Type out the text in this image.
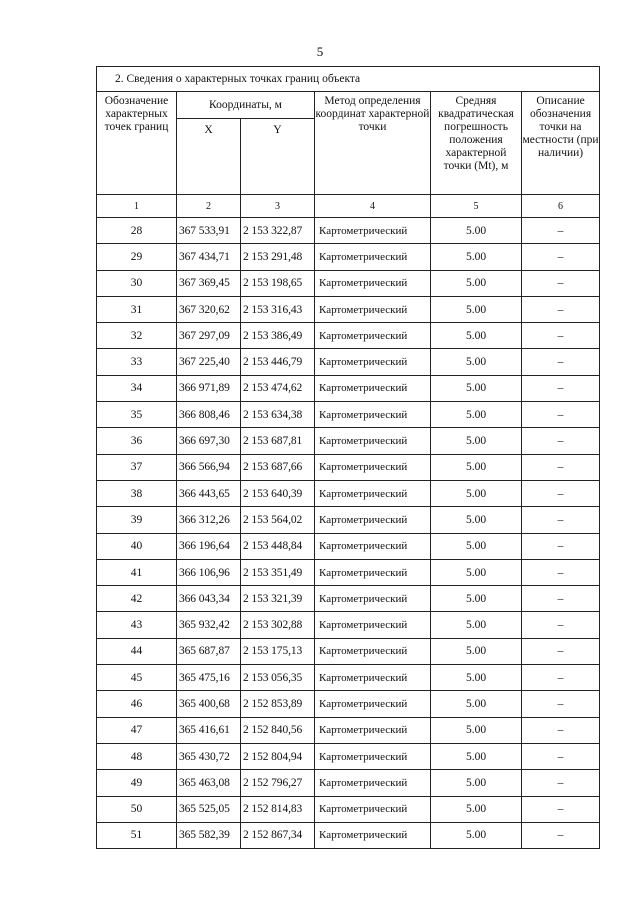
5
2. Сведения о характерных точках границ объекта					
Обозначение характерных точек границ	Координаты, м		Метод определения координат характерной точки	Средняя квадратическая погрешность положения характерной точки (Mt), м	Описание обозначения точки на местности (при наличии)
	X	Y			
1	2	3	4	5	6
28	367 533,91	2 153 322,87	Картометрический	5.00	–
29	367 434,71	2 153 291,48	Картометрический	5.00	–
30	367 369,45	2 153 198,65	Картометрический	5.00	–
31	367 320,62	2 153 316,43	Картометрический	5.00	–
32	367 297,09	2 153 386,49	Картометрический	5.00	–
33	367 225,40	2 153 446,79	Картометрический	5.00	–
34	366 971,89	2 153 474,62	Картометрический	5.00	–
35	366 808,46	2 153 634,38	Картометрический	5.00	–
36	366 697,30	2 153 687,81	Картометрический	5.00	–
37	366 566,94	2 153 687,66	Картометрический	5.00	–
38	366 443,65	2 153 640,39	Картометрический	5.00	–
39	366 312,26	2 153 564,02	Картометрический	5.00	–
40	366 196,64	2 153 448,84	Картометрический	5.00	–
41	366 106,96	2 153 351,49	Картометрический	5.00	–
42	366 043,34	2 153 321,39	Картометрический	5.00	–
43	365 932,42	2 153 302,88	Картометрический	5.00	–
44	365 687,87	2 153 175,13	Картометрический	5.00	–
45	365 475,16	2 153 056,35	Картометрический	5.00	–
46	365 400,68	2 152 853,89	Картометрический	5.00	–
47	365 416,61	2 152 840,56	Картометрический	5.00	–
48	365 430,72	2 152 804,94	Картометрический	5.00	–
49	365 463,08	2 152 796,27	Картометрический	5.00	–
50	365 525,05	2 152 814,83	Картометрический	5.00	–
51	365 582,39	2 152 867,34	Картометрический	5.00	–
